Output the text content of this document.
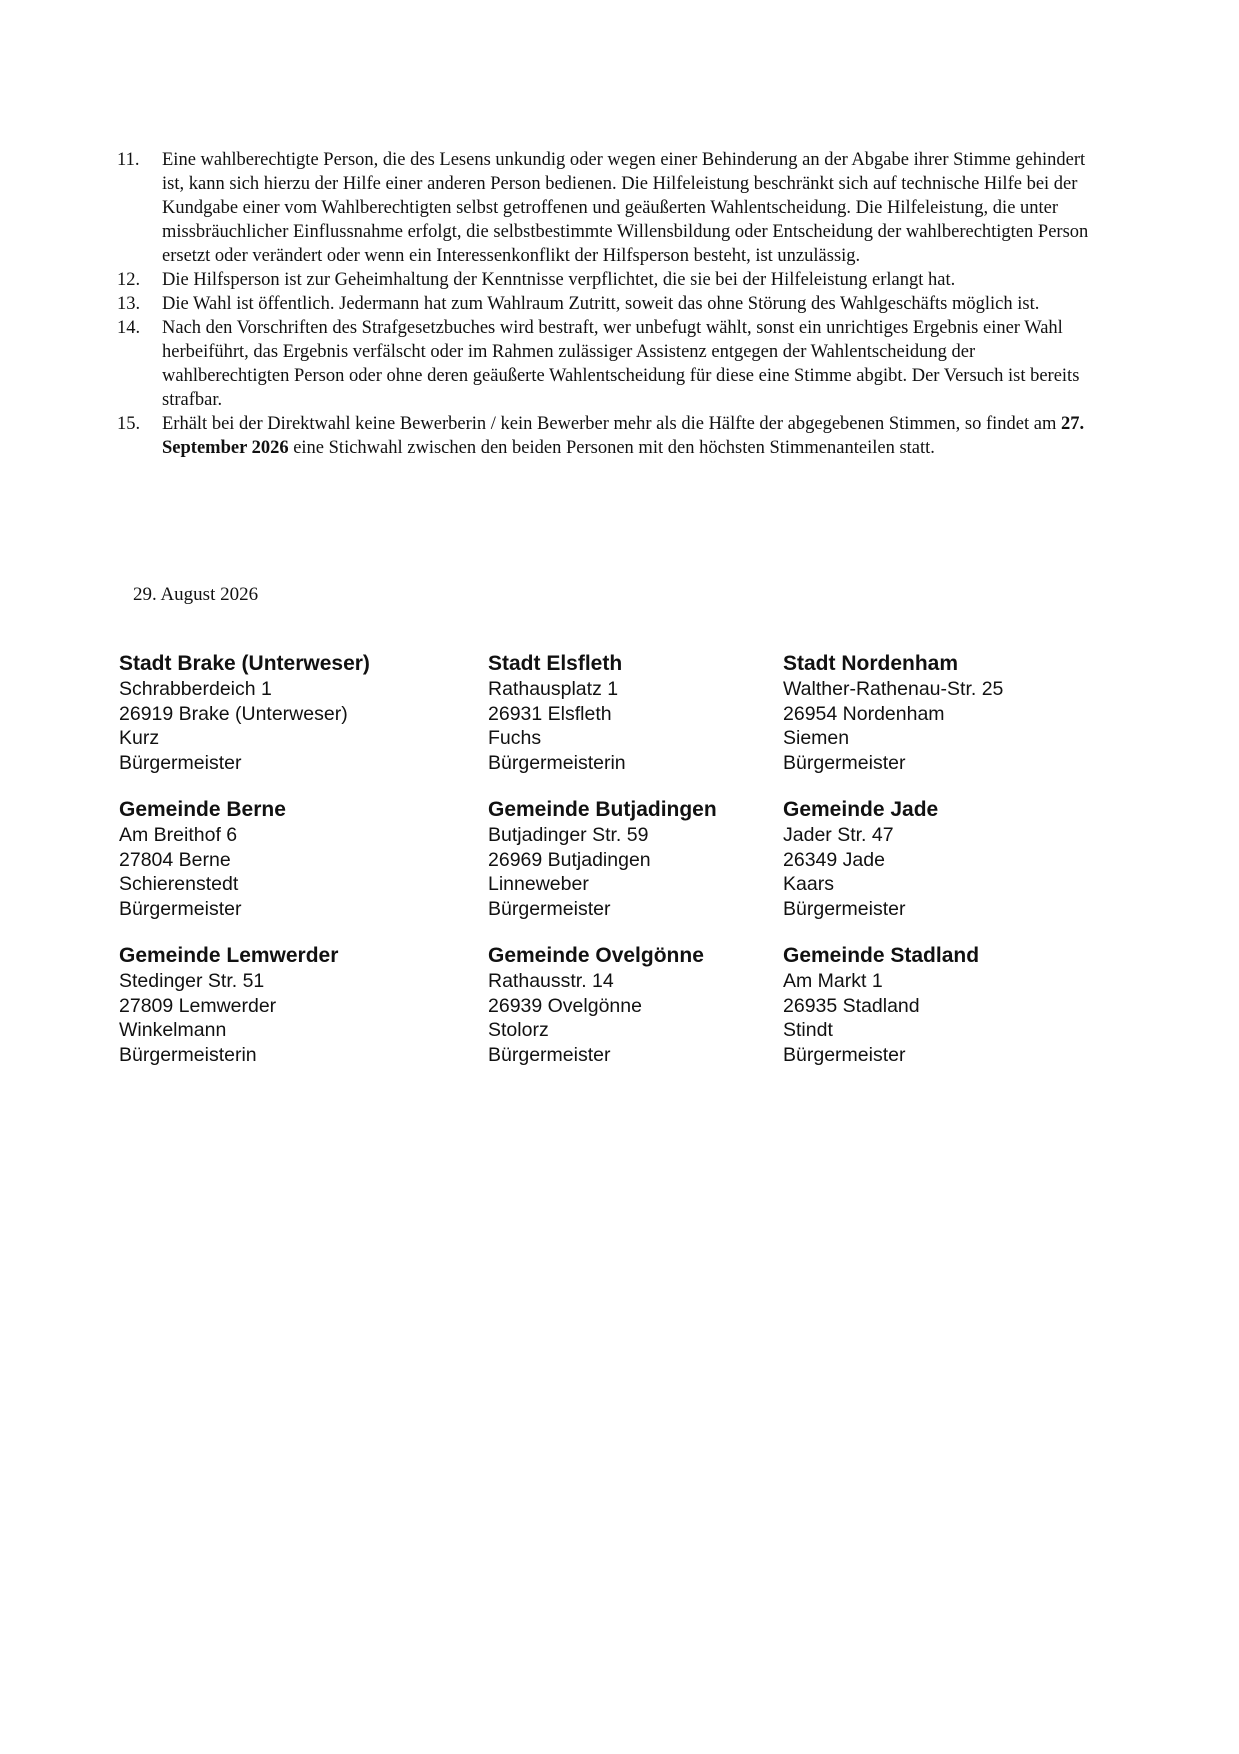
11. Eine wahlberechtigte Person, die des Lesens unkundig oder wegen einer Behinderung an der Abgabe ihrer Stimme gehindert ist, kann sich hierzu der Hilfe einer anderen Person bedienen. Die Hilfeleistung beschränkt sich auf technische Hilfe bei der Kundgabe einer vom Wahlberechtigten selbst getroffenen und geäußerten Wahlentscheidung. Die Hilfeleistung, die unter missbräuchlicher Einflussnahme erfolgt, die selbstbestimmte Willensbildung oder Entscheidung der wahlberechtigten Person ersetzt oder verändert oder wenn ein Interessenkonflikt der Hilfsperson besteht, ist unzulässig.

12. Die Hilfsperson ist zur Geheimhaltung der Kenntnisse verpflichtet, die sie bei der Hilfeleistung erlangt hat.

13. Die Wahl ist öffentlich. Jedermann hat zum Wahlraum Zutritt, soweit das ohne Störung des Wahlgeschäfts möglich ist.

14. Nach den Vorschriften des Strafgesetzbuches wird bestraft, wer unbefugt wählt, sonst ein unrichtiges Ergebnis einer Wahl herbeiführt, das Ergebnis verfälscht oder im Rahmen zulässiger Assistenz entgegen der Wahlentscheidung der wahlberechtigten Person oder ohne deren geäußerte Wahlentscheidung für diese eine Stimme abgibt. Der Versuch ist bereits strafbar.

15. Erhält bei der Direktwahl keine Bewerberin / kein Bewerber mehr als die Hälfte der abgegebenen Stimmen, so findet am 27. September 2026 eine Stichwahl zwischen den beiden Personen mit den höchsten Stimmenanteilen statt.

29. August 2026
Stadt Brake (Unterweser)
Schrabberdeich 1
26919 Brake (Unterweser)
Kurz
Bürgermeister
Stadt Elsfleth
Rathausplatz 1
26931 Elsfleth
Fuchs
Bürgermeisterin
Stadt Nordenham
Walther-Rathenau-Str. 25
26954 Nordenham
Siemen
Bürgermeister
Gemeinde Berne
Am Breithof 6
27804 Berne
Schierenstedt
Bürgermeister
Gemeinde Butjadingen
Butjadinger Str. 59
26969 Butjadingen
Linneweber
Bürgermeister
Gemeinde Jade
Jader Str. 47
26349 Jade
Kaars
Bürgermeister
Gemeinde Lemwerder
Stedinger Str. 51
27809 Lemwerder
Winkelmann
Bürgermeisterin
Gemeinde Ovelgönne
Rathausstr. 14
26939 Ovelgönne
Stolorz
Bürgermeister
Gemeinde Stadland
Am Markt 1
26935 Stadland
Stindt
Bürgermeister
